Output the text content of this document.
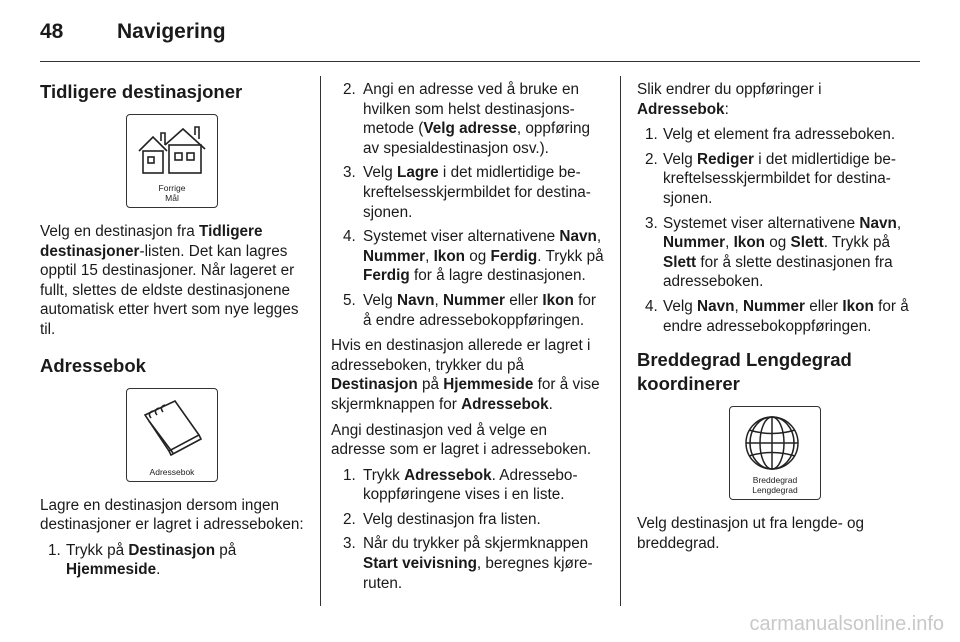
48	Navigering
Tidligere destinasjoner
Forrige
Mål

Velg en destinasjon fra Tidligere destinasjoner-listen. Det kan lagres opptil 15 destinasjoner. Når lageret er fullt, slettes de eldste destinasjonene automatisk etter hvert som nye legges til.

Adressebok
Adressebok

Lagre en destinasjon dersom ingen destinasjoner er lagret i adresseboken:

1. Trykk på Destinasjon på Hjemmeside.
2. Angi en adresse ved å bruke en hvilken som helst destinasjonsmetode (Velg adresse, oppføring av spesialdestinasjon osv.).
3. Velg Lagre i det midlertidige bekreftelsesskjermbildet for destinasjonen.
4. Systemet viser alternativene Navn, Nummer, Ikon og Ferdig. Trykk på Ferdig for å lagre destinasjonen.
5. Velg Navn, Nummer eller Ikon for å endre adressebokoppføringen.

Hvis en destinasjon allerede er lagret i adresseboken, trykker du på Destinasjon på Hjemmeside for å vise skjermknappen for Adressebok.

Angi destinasjon ved å velge en adresse som er lagret i adresseboken.

1. Trykk Adressebok. Adressebokoppføringene vises i en liste.
2. Velg destinasjon fra listen.
3. Når du trykker på skjermknappen Start veivisning, beregnes kjøreruten.

Slik endrer du oppføringer i Adressebok:

1. Velg et element fra adresseboken.
2. Velg Rediger i det midlertidige bekreftelsesskjermbildet for destinasjonen.
3. Systemet viser alternativene Navn, Nummer, Ikon og Slett. Trykk på Slett for å slette destinasjonen fra adresseboken.
4. Velg Navn, Nummer eller Ikon for å endre adressebokoppføringen.
Breddegrad Lengdegrad
koordinerer
Breddegrad
Lengdegrad

Velg destinasjon ut fra lengde- og breddegrad.

carmanualsonline.info
